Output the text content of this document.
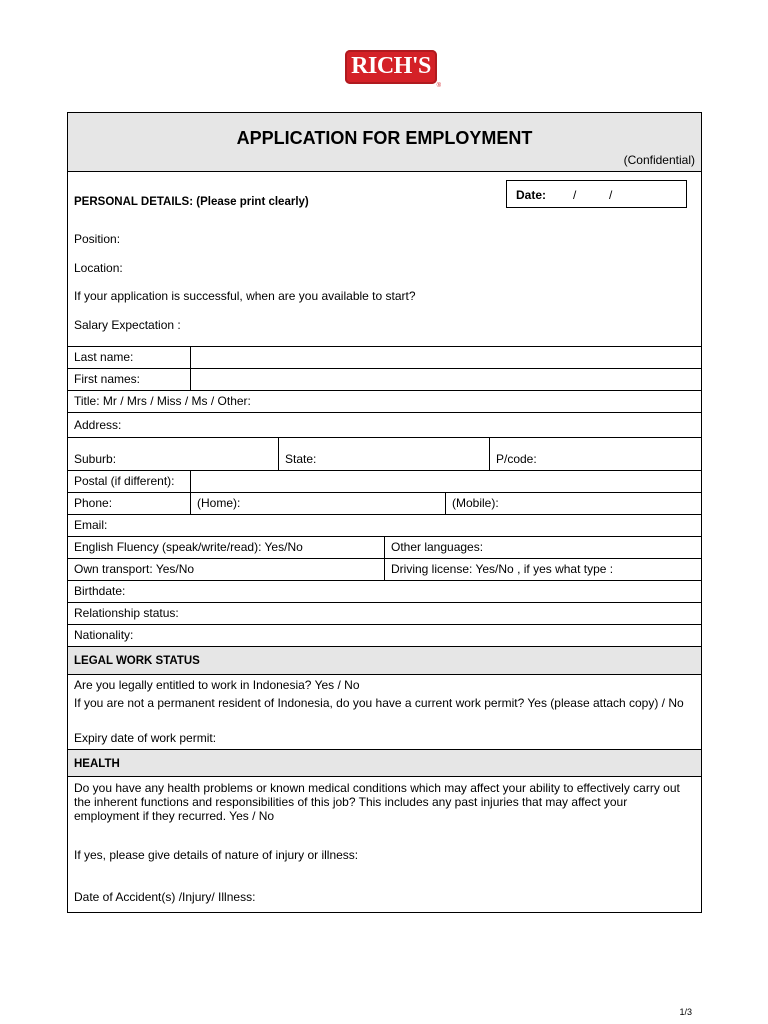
RICH'S
®
APPLICATION FOR EMPLOYMENT
(Confidential)
Date: /	/
PERSONAL DETAILS: (Please print clearly)
Position:
Location:
If your application is successful, when are you available to start?
Salary Expectation :
Last name:
First names:
Title: Mr / Mrs / Miss / Ms / Other:
Address:
Suburb:	State:	P/code:
Postal (if different):
Phone:	(Home):	(Mobile):
Email:
English Fluency (speak/write/read): Yes/No	Other languages:
Own transport: Yes/No	Driving license: Yes/No , if yes what type :
Birthdate:
Relationship status:
Nationality:
LEGAL WORK STATUS
Are you legally entitled to work in Indonesia? Yes / No
If you are not a permanent resident of Indonesia, do you have a current work permit? Yes (please attach copy) / No
Expiry date of work permit:
HEALTH
Do you have any health problems or known medical conditions which may affect your ability to effectively carry out the inherent functions and responsibilities of this job? This includes any past injuries that may affect your employment if they recurred. Yes / No
If yes, please give details of nature of injury or illness:
Date of Accident(s) /Injury/ Illness:
1/3
